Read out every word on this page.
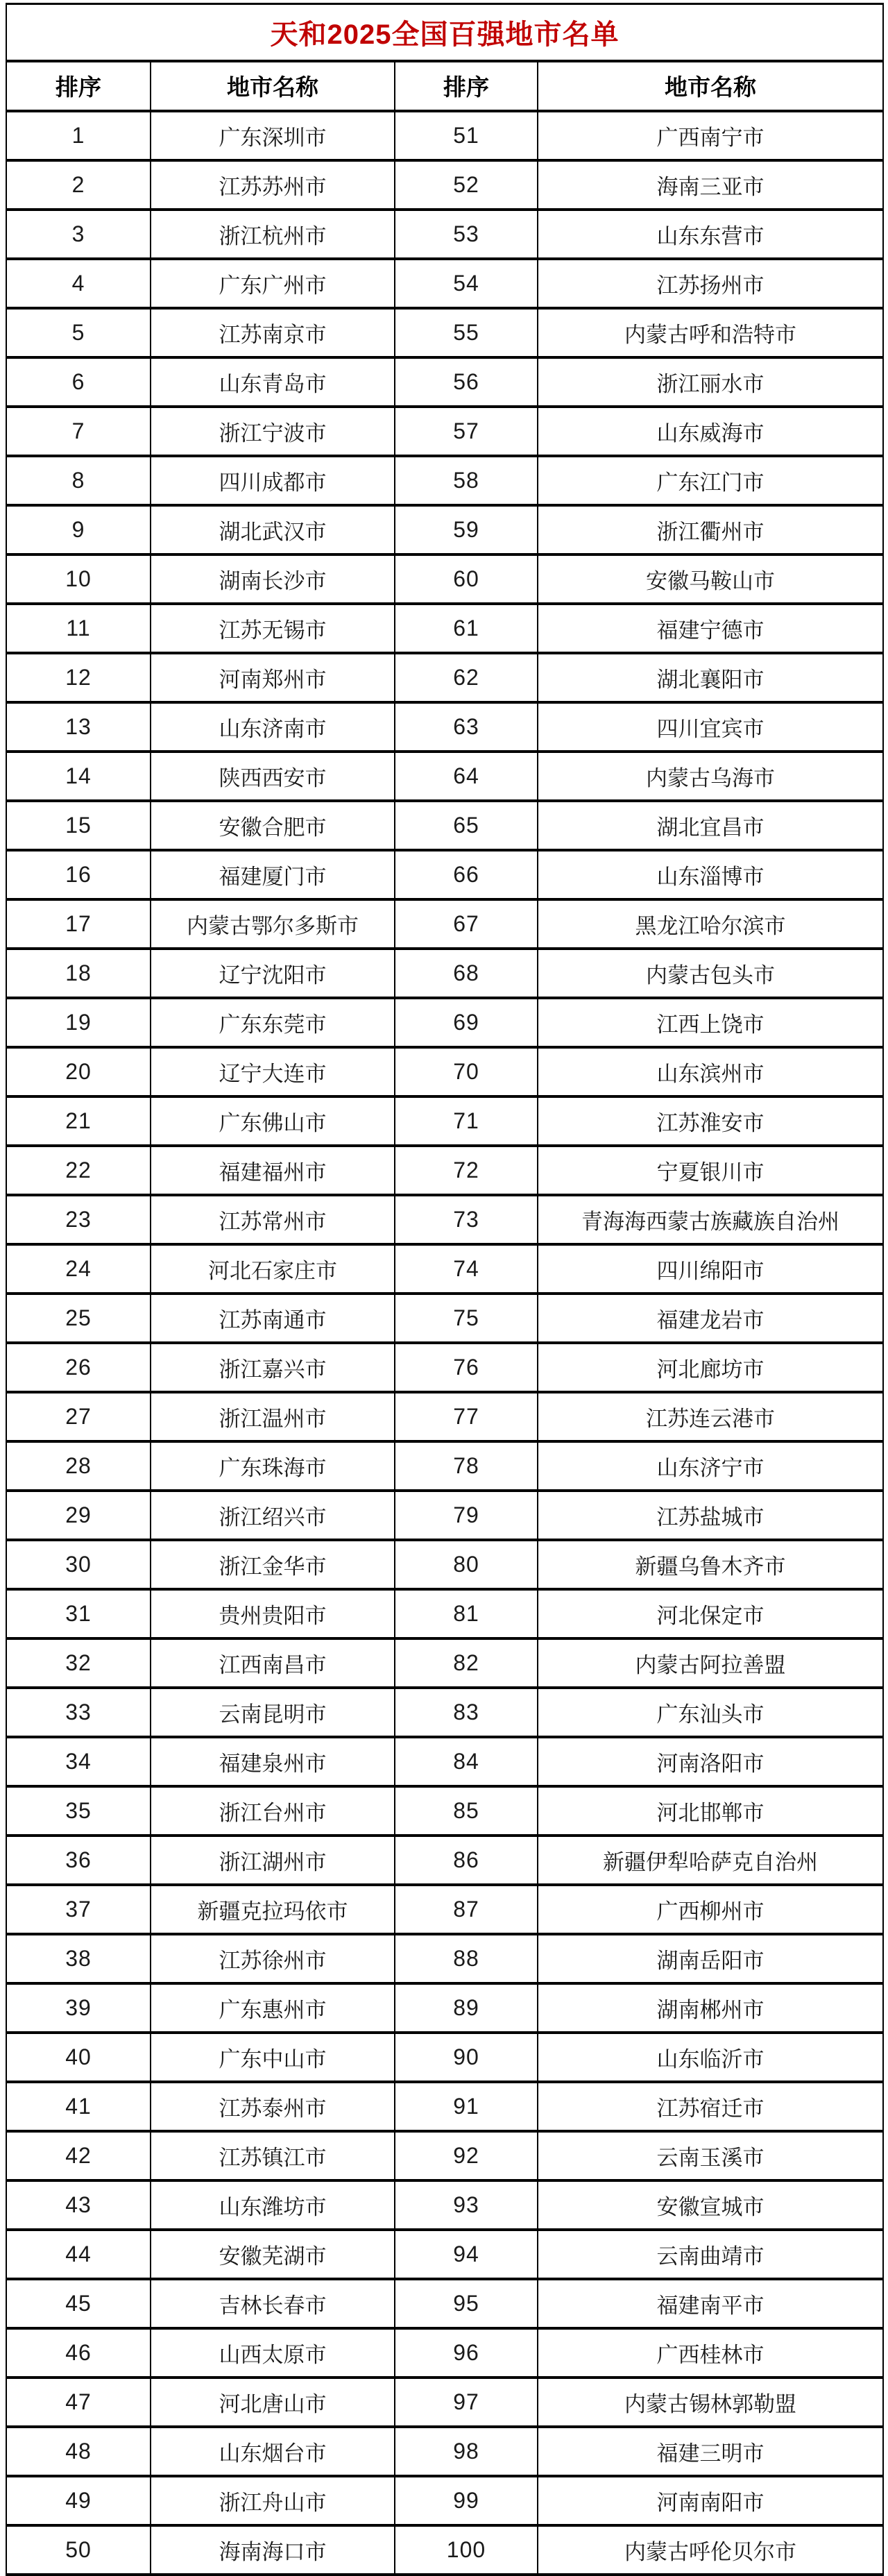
天和2025全国百强地市名单			
排序	地市名称	排序	地市名称
1	广东深圳市	51	广西南宁市
2	江苏苏州市	52	海南三亚市
3	浙江杭州市	53	山东东营市
4	广东广州市	54	江苏扬州市
5	江苏南京市	55	内蒙古呼和浩特市
6	山东青岛市	56	浙江丽水市
7	浙江宁波市	57	山东威海市
8	四川成都市	58	广东江门市
9	湖北武汉市	59	浙江衢州市
10	湖南长沙市	60	安徽马鞍山市
11	江苏无锡市	61	福建宁德市
12	河南郑州市	62	湖北襄阳市
13	山东济南市	63	四川宜宾市
14	陕西西安市	64	内蒙古乌海市
15	安徽合肥市	65	湖北宜昌市
16	福建厦门市	66	山东淄博市
17	内蒙古鄂尔多斯市	67	黑龙江哈尔滨市
18	辽宁沈阳市	68	内蒙古包头市
19	广东东莞市	69	江西上饶市
20	辽宁大连市	70	山东滨州市
21	广东佛山市	71	江苏淮安市
22	福建福州市	72	宁夏银川市
23	江苏常州市	73	青海海西蒙古族藏族自治州
24	河北石家庄市	74	四川绵阳市
25	江苏南通市	75	福建龙岩市
26	浙江嘉兴市	76	河北廊坊市
27	浙江温州市	77	江苏连云港市
28	广东珠海市	78	山东济宁市
29	浙江绍兴市	79	江苏盐城市
30	浙江金华市	80	新疆乌鲁木齐市
31	贵州贵阳市	81	河北保定市
32	江西南昌市	82	内蒙古阿拉善盟
33	云南昆明市	83	广东汕头市
34	福建泉州市	84	河南洛阳市
35	浙江台州市	85	河北邯郸市
36	浙江湖州市	86	新疆伊犁哈萨克自治州
37	新疆克拉玛依市	87	广西柳州市
38	江苏徐州市	88	湖南岳阳市
39	广东惠州市	89	湖南郴州市
40	广东中山市	90	山东临沂市
41	江苏泰州市	91	江苏宿迁市
42	江苏镇江市	92	云南玉溪市
43	山东潍坊市	93	安徽宣城市
44	安徽芜湖市	94	云南曲靖市
45	吉林长春市	95	福建南平市
46	山西太原市	96	广西桂林市
47	河北唐山市	97	内蒙古锡林郭勒盟
48	山东烟台市	98	福建三明市
49	浙江舟山市	99	河南南阳市
50	海南海口市	100	内蒙古呼伦贝尔市
